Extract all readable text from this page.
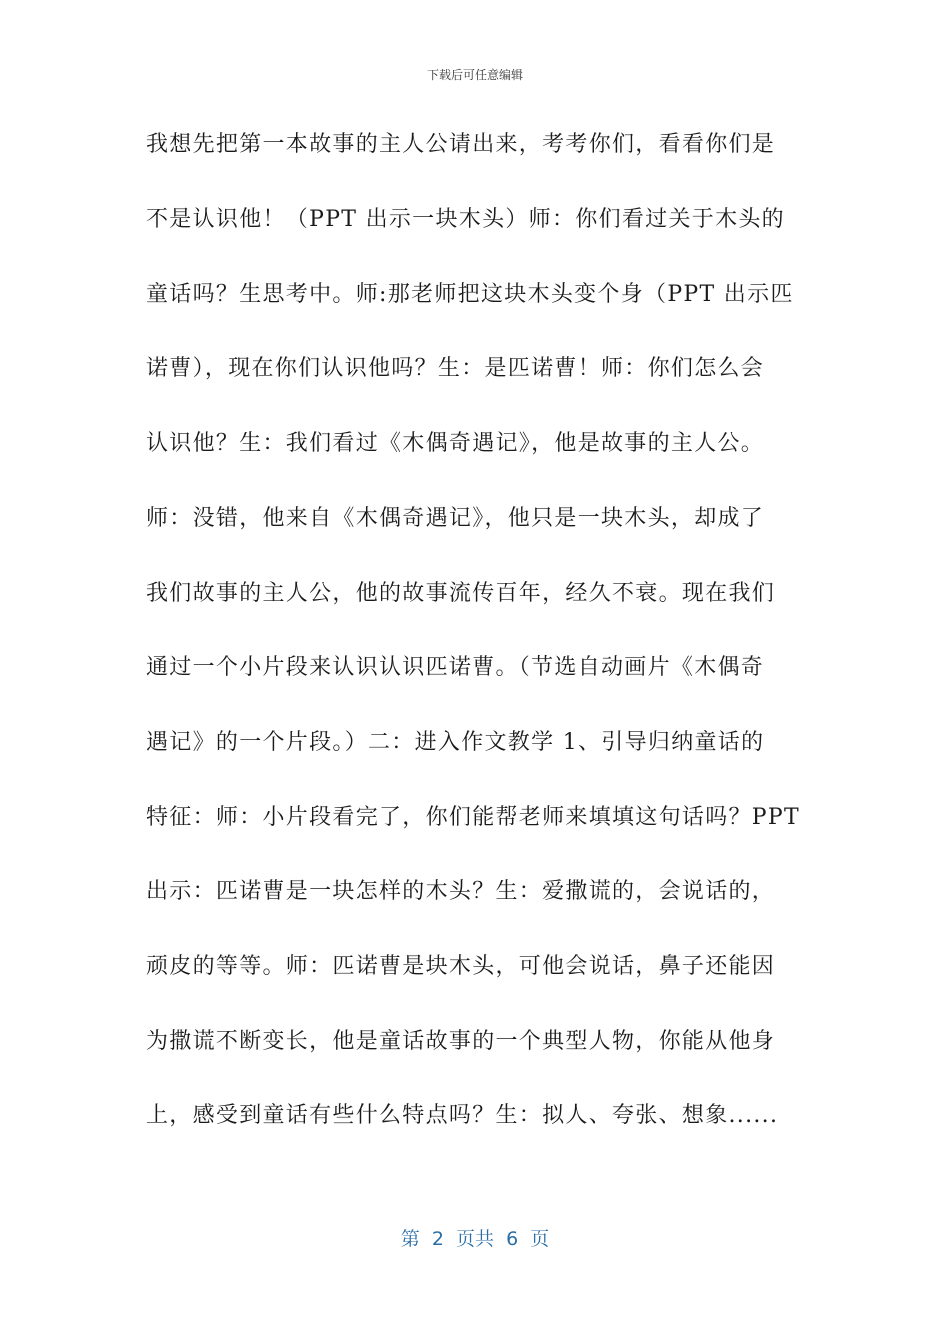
下载后可任意编辑
我想先把第一本故事的主人公请出来，考考你们，看看你们是
不是认识他！（PPT 出示一块木头）师：你们看过关于木头的
童话吗？生思考中。师:那老师把这块木头变个身（PPT 出示匹
诺曹），现在你们认识他吗？生：是匹诺曹！师：你们怎么会
认识他？生：我们看过《木偶奇遇记》，他是故事的主人公。
师：没错，他来自《木偶奇遇记》，他只是一块木头，却成了
我们故事的主人公，他的故事流传百年，经久不衰。现在我们
通过一个小片段来认识认识匹诺曹。（节选自动画片《木偶奇
遇记》的一个片段。）二：进入作文教学 1、引导归纳童话的
特征：师：小片段看完了，你们能帮老师来填填这句话吗？PPT
出示：匹诺曹是一块怎样的木头？生：爱撒谎的，会说话的，
顽皮的等等。师：匹诺曹是块木头，可他会说话，鼻子还能因
为撒谎不断变长，他是童话故事的一个典型人物，你能从他身
上，感受到童话有些什么特点吗？生：拟人、夸张、想象......
第  2  页共  6  页
